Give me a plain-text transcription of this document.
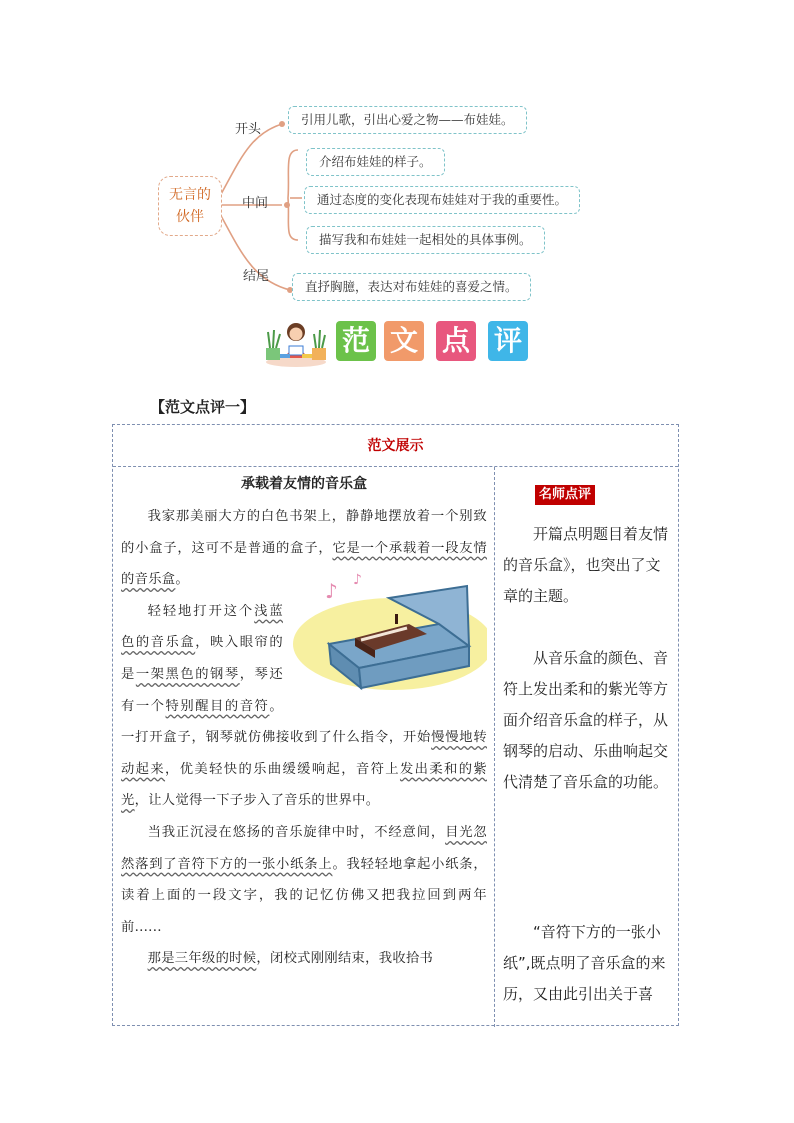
无言的
伙伴
开头
中间
结尾
引用儿歌，引出心爱之物——布娃娃。
介绍布娃娃的样子。
通过态度的变化表现布娃娃对于我的重要性。
描写我和布娃娃一起相处的具体事例。
直抒胸臆，表达对布娃娃的喜爱之情。
范 文 点 评
【范文点评一】
范文展示
承载着友情的音乐盒

我家那美丽大方的白色书架上，静静地摆放着一个别致的小盒子，这可不是普通的盒子，
♪ ♪
它是一个承载着一段友情的音乐盒。

轻轻地打开这个浅蓝色的音乐盒，映入眼帘的是一架黑色的钢琴，琴还有一个特别醒目的音符。一打开盒子，钢琴就仿佛接收到了什么指令，开始慢慢地转动起来，优美轻快的乐曲缓缓响起，音符上发出柔和的紫光，让人觉得一下子步入了音乐的世界中。

当我正沉浸在悠扬的音乐旋律中时，不经意间，目光忽然落到了音符下方的一张小纸条上。我轻轻地拿起小纸条，读着上面的一段文字，我的记忆仿佛又把我拉回到两年前......

那是三年级的时候，闭校式刚刚结束，我收拾书

名师点评
开篇点明题目着友情的音乐盒》，也突出了文章的主题。
从音乐盒的颜色、音符上发出柔和的紫光等方面介绍音乐盒的样子，从钢琴的启动、乐曲响起交代清楚了音乐盒的功能。
“音符下方的一张小纸”,既点明了音乐盒的来历，又由此引出关于喜
